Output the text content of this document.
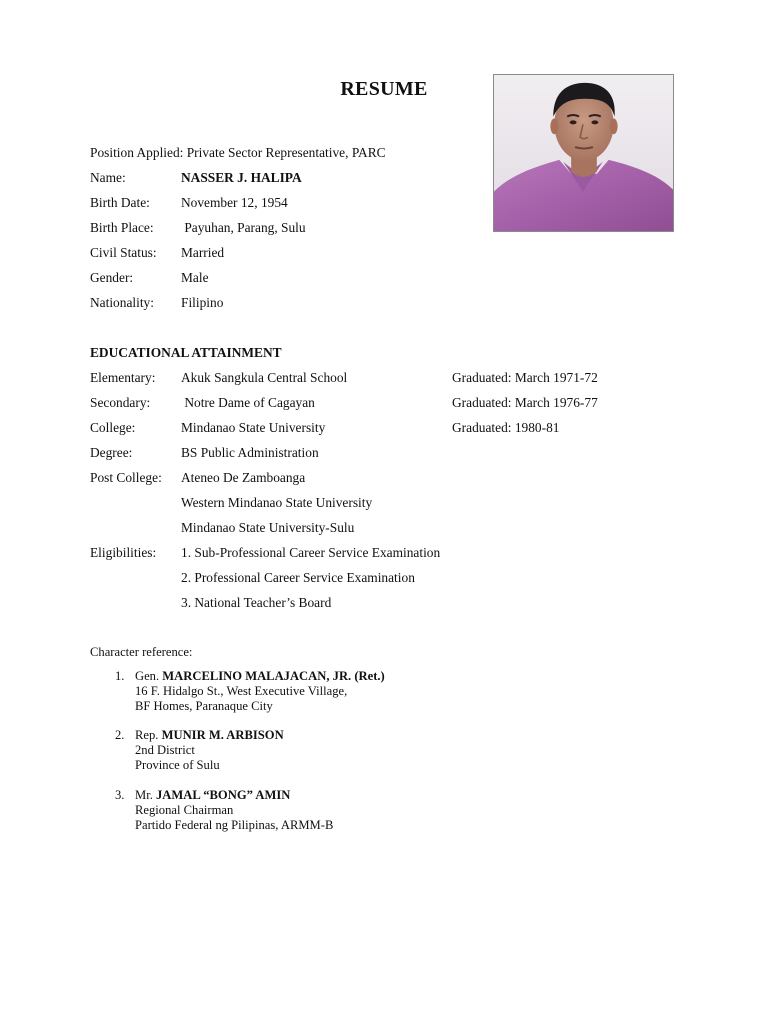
RESUME
Position Applied: Private Sector Representative, PARC
Name:	NASSER J. HALIPA
Birth Date: November 12, 1954
Birth Place: Payuhan, Parang, Sulu
Civil Status: Married
Gender:	Male
Nationality: Filipino
EDUCATIONAL ATTAINMENT
Elementary: Akuk Sangkula Central School	Graduated: March 1971-72
Secondary: Notre Dame of Cagayan	Graduated: March 1976-77
College:	Mindanao State University	Graduated: 1980-81
Degree:	BS Public Administration
Post College: Ateneo De Zamboanga
Western Mindanao State University
Mindanao State University-Sulu
Eligibilities: 1. Sub-Professional Career Service Examination
2. Professional Career Service Examination
3. National Teacher’s Board
Character reference:
1. Gen. MARCELINO MALAJACAN, JR. (Ret.)
16 F. Hidalgo St., West Executive Village,
BF Homes, Paranaque City
2. Rep. MUNIR M. ARBISON
2nd District
Province of Sulu
3. Mr. JAMAL “BONG” AMIN
Regional Chairman
Partido Federal ng Pilipinas, ARMM-B
